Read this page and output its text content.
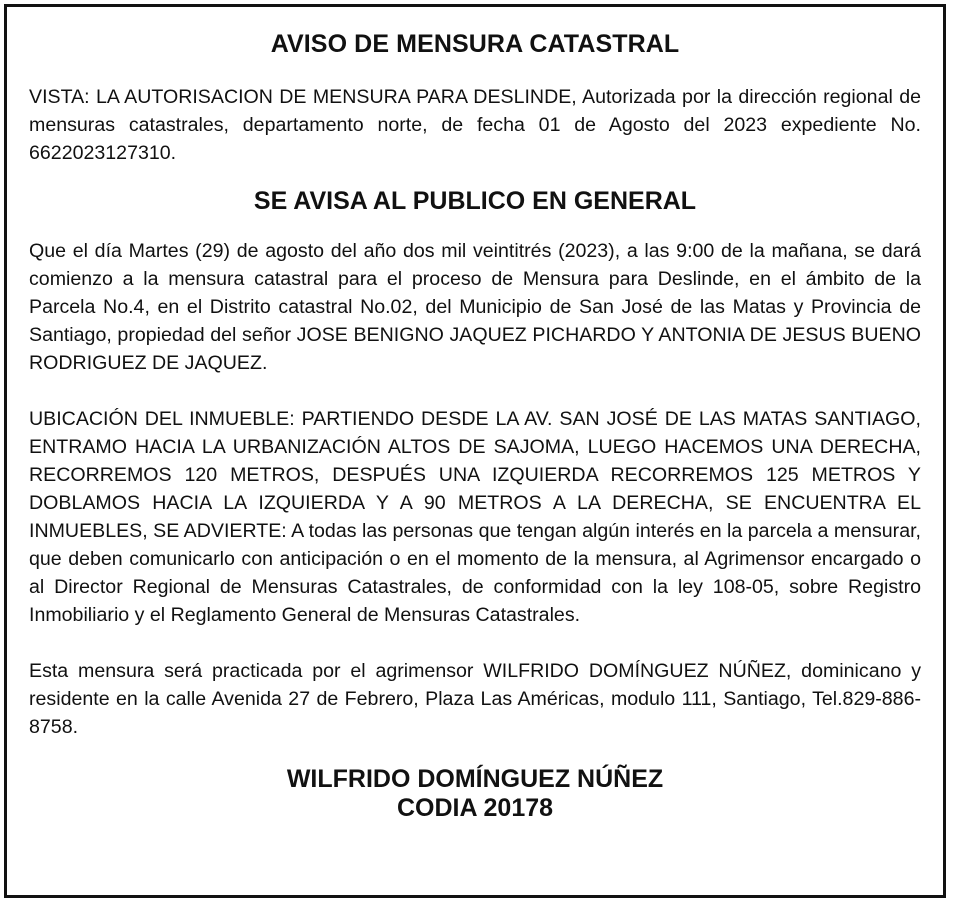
AVISO DE MENSURA CATASTRAL

VISTA: LA AUTORISACION DE MENSURA PARA DESLINDE, Autorizada por la dirección regional de mensuras catastrales, departamento norte, de fecha 01 de Agosto del 2023 expediente No. 6622023127310.

SE AVISA AL PUBLICO EN GENERAL

Que el día Martes (29) de agosto del año dos mil veintitrés (2023), a las 9:00 de la mañana, se dará comienzo a la mensura catastral para el proceso de Mensura para Deslinde, en el ámbito de la Parcela No.4, en el Distrito catastral No.02, del Municipio de San José de las Matas y Provincia de Santiago, propiedad del señor JOSE BENIGNO JAQUEZ PICHARDO Y ANTONIA DE JESUS BUENO RODRIGUEZ DE JAQUEZ.

UBICACIÓN DEL INMUEBLE: PARTIENDO DESDE LA AV. SAN JOSÉ DE LAS MATAS SANTIAGO, ENTRAMO HACIA LA URBANIZACIÓN ALTOS DE SAJOMA, LUEGO HACEMOS UNA DERECHA, RECORREMOS 120 METROS, DESPUÉS UNA IZQUIERDA RECORREMOS 125 METROS Y DOBLAMOS HACIA LA IZQUIERDA Y A 90 METROS A LA DERECHA, SE ENCUENTRA EL INMUEBLES, SE ADVIERTE: A todas las personas que tengan algún interés en la parcela a mensurar, que deben comunicarlo con anticipación o en el momento de la mensura, al Agrimensor encargado o al Director Regional de Mensuras Catastrales, de conformidad con la ley 108-05, sobre Registro Inmobiliario y el Reglamento General de Mensuras Catastrales.

Esta mensura será practicada por el agrimensor WILFRIDO DOMÍNGUEZ NÚÑEZ, dominicano y residente en la calle Avenida 27 de Febrero, Plaza Las Américas, modulo 111, Santiago, Tel.829-886-8758.

WILFRIDO DOMÍNGUEZ NÚÑEZ
CODIA 20178
